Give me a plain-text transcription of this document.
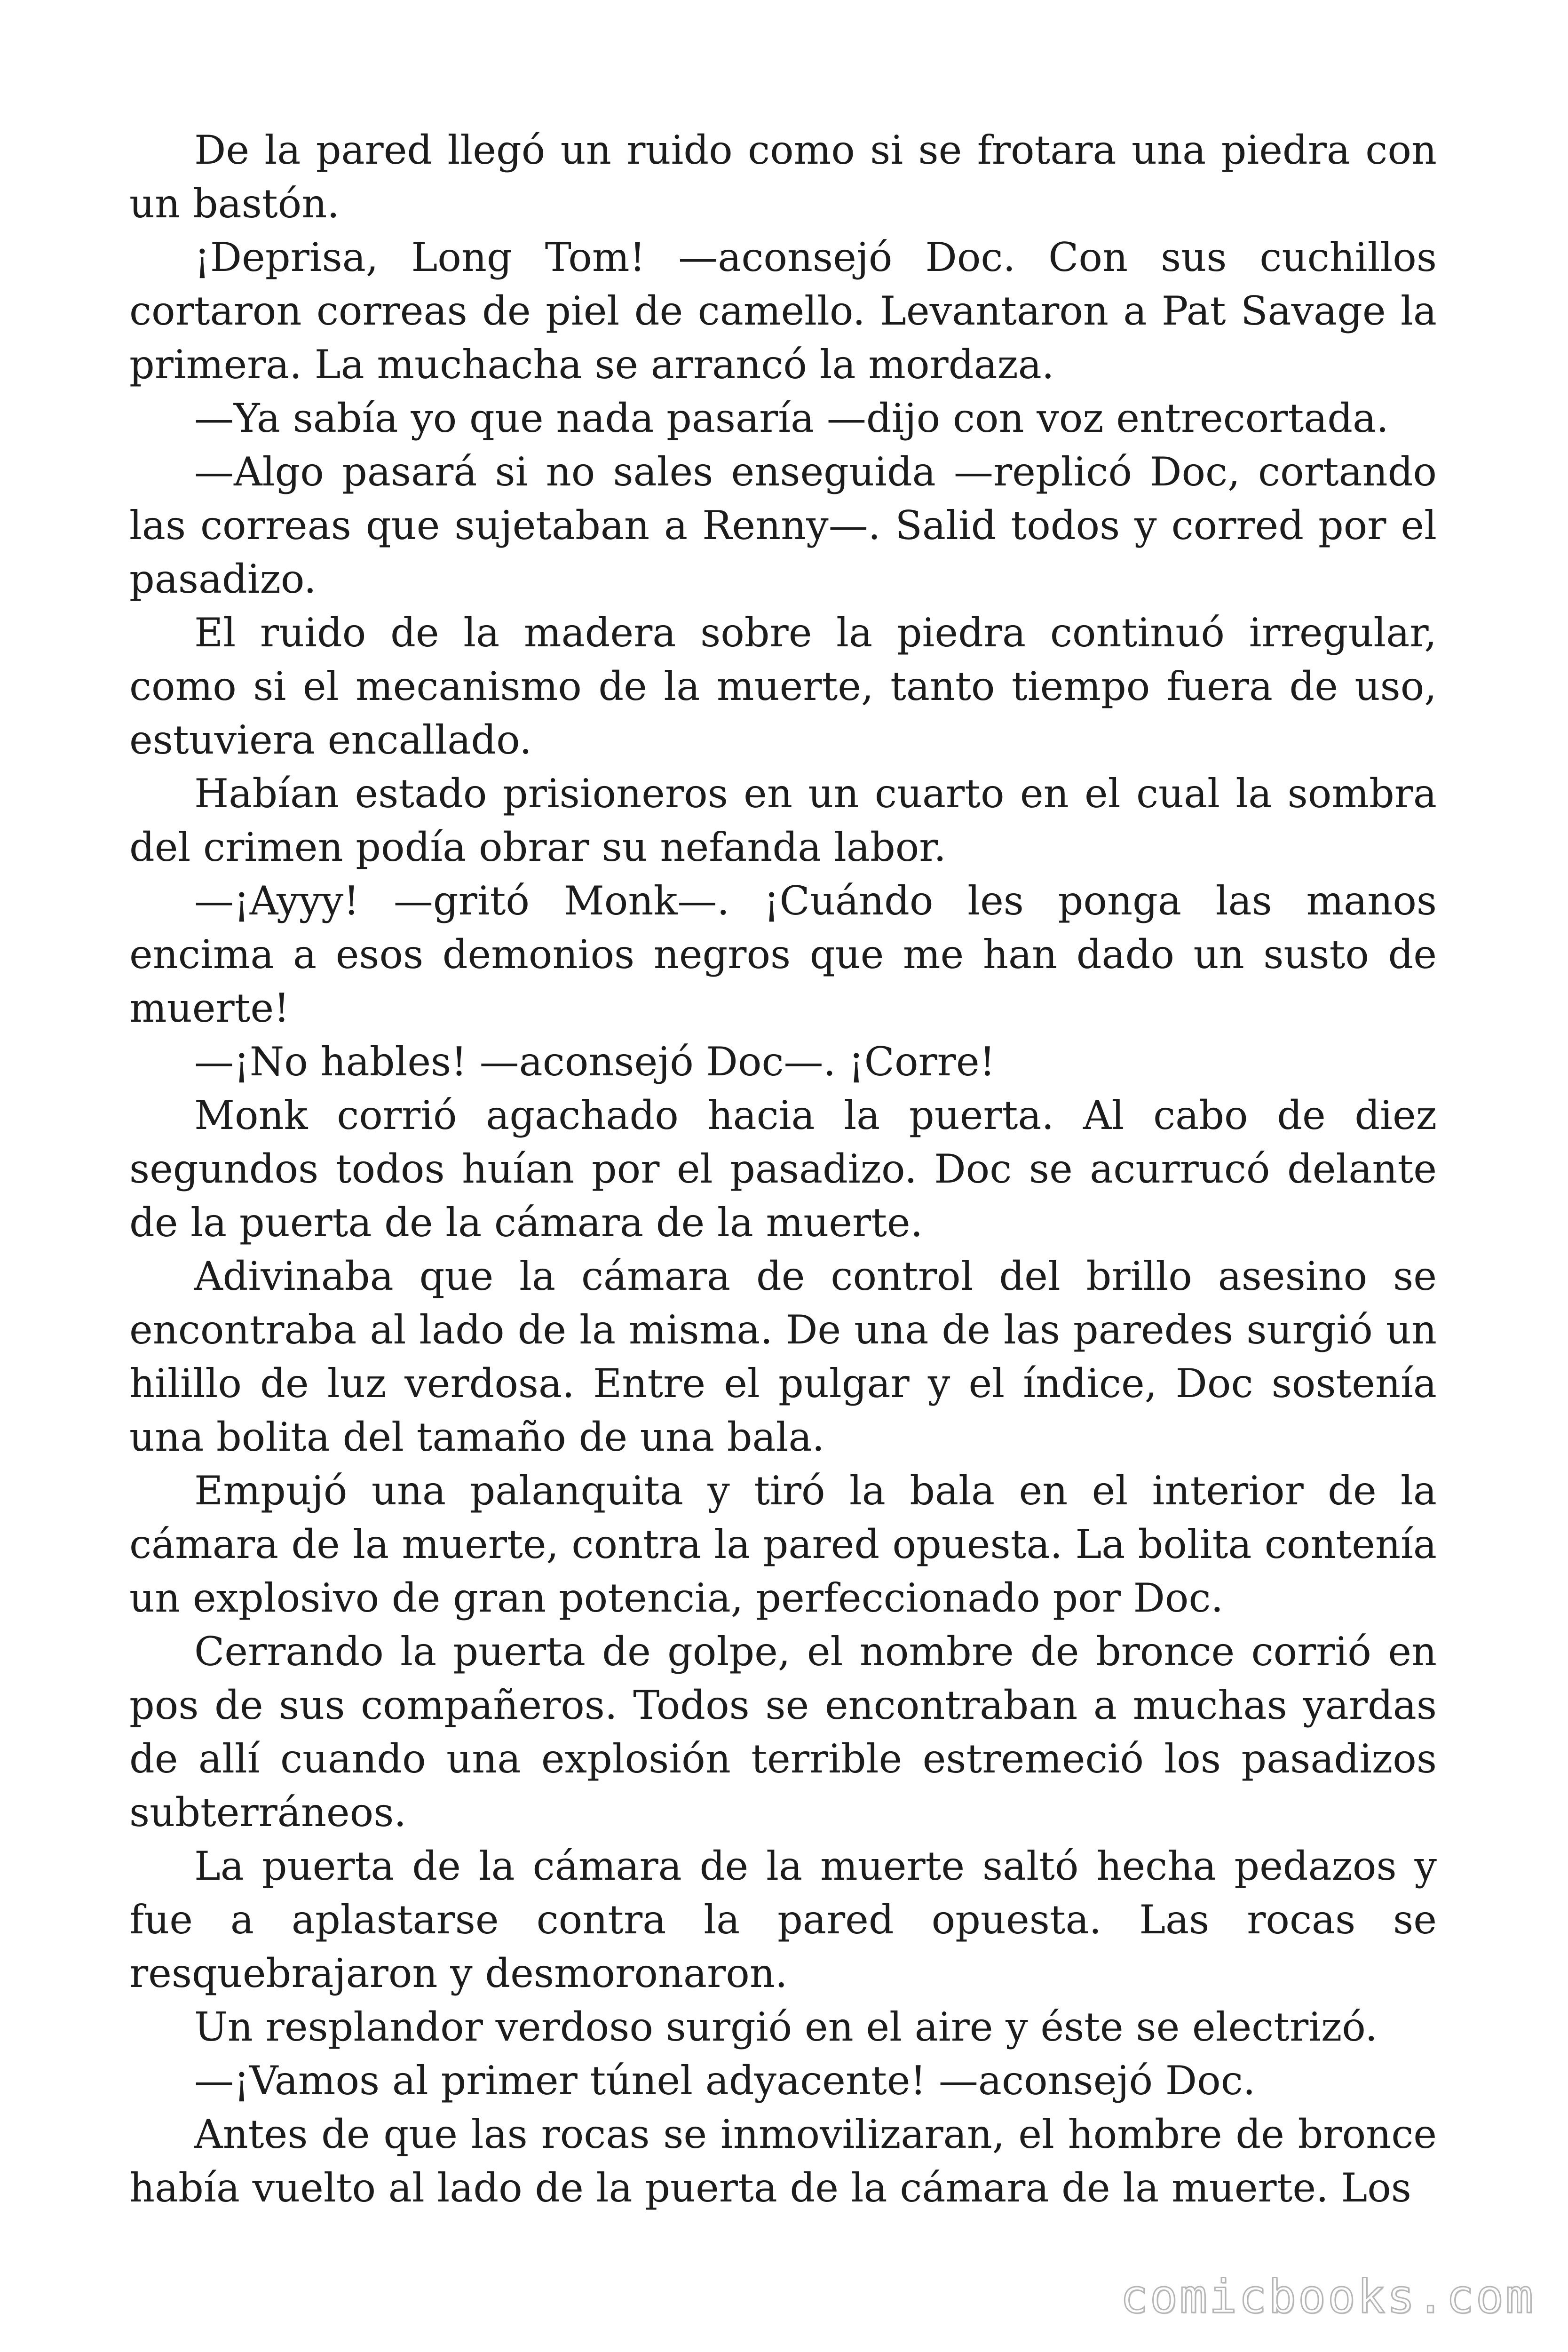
De la pared llegó un ruido como si se frotara una piedra con un bastón.

¡Deprisa, Long Tom! —aconsejó Doc. Con sus cuchillos cortaron correas de piel de camello. Levantaron a Pat Savage la primera. La muchacha se arrancó la mordaza.

—Ya sabía yo que nada pasaría —dijo con voz entrecortada.

—Algo pasará si no sales enseguida —replicó Doc, cortando las correas que sujetaban a Renny—. Salid todos y corred por el pasadizo.

El ruido de la madera sobre la piedra continuó irregular, como si el mecanismo de la muerte, tanto tiempo fuera de uso, estuviera encallado.

Habían estado prisioneros en un cuarto en el cual la sombra del crimen podía obrar su nefanda labor.

—¡Ayyy! —gritó Monk—. ¡Cuándo les ponga las manos encima a esos demonios negros que me han dado un susto de muerte!

—¡No hables! —aconsejó Doc—. ¡Corre!

Monk corrió agachado hacia la puerta. Al cabo de diez segundos todos huían por el pasadizo. Doc se acurrucó delante de la puerta de la cámara de la muerte.

Adivinaba que la cámara de control del brillo asesino se encontraba al lado de la misma. De una de las paredes surgió un hilillo de luz verdosa. Entre el pulgar y el índice, Doc sostenía una bolita del tamaño de una bala.

Empujó una palanquita y tiró la bala en el interior de la cámara de la muerte, contra la pared opuesta. La bolita contenía un explosivo de gran potencia, perfeccionado por Doc.

Cerrando la puerta de golpe, el nombre de bronce corrió en pos de sus compañeros. Todos se encontraban a muchas yardas de allí cuando una explosión terrible estremeció los pasadizos subterráneos.

La puerta de la cámara de la muerte saltó hecha pedazos y fue a aplastarse contra la pared opuesta. Las rocas se resquebrajaron y desmoronaron.

Un resplandor verdoso surgió en el aire y éste se electrizó.

—¡Vamos al primer túnel adyacente! —aconsejó Doc.

Antes de que las rocas se inmovilizaran, el hombre de bronce había vuelto al lado de la puerta de la cámara de la muerte. Los

comicbooks.com
